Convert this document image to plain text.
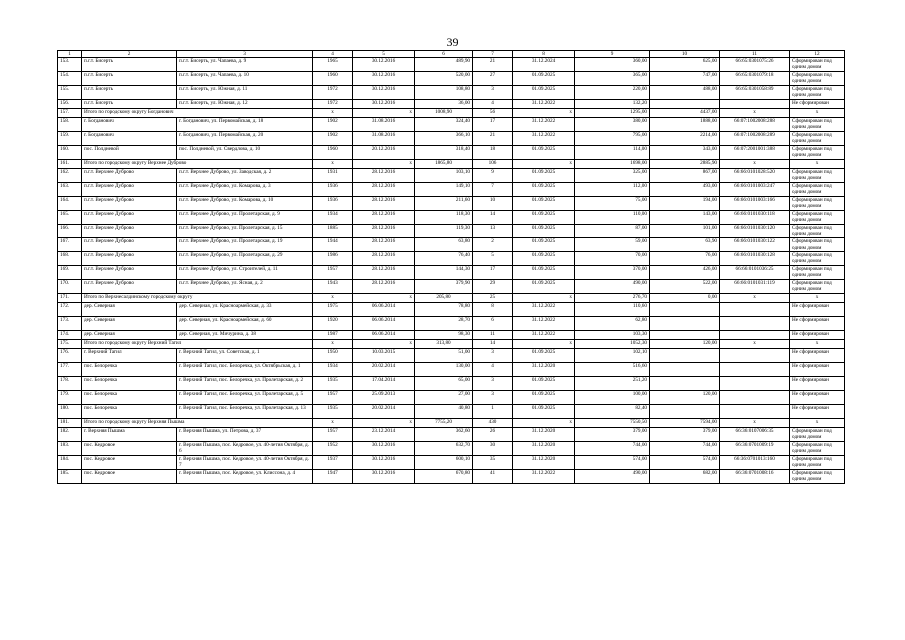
39
1	2	3	4	5	6	7	8	9	10	11	12
153.	п.г.т. Бисерть	п.г.т. Бисерть, ул. Чапаева, д. 9	1965	30.12.2016	489,90	21	31.12.2024	360,00	625,00	66:65:0301075:26	Сформирован под одним домом
154.	п.г.т. Бисерть	п.г.т. Бисерть, ул. Чапаева, д. 10	1960	30.12.2016	520,00	27	01.09.2025	365,00	747,00	66:65:0301079:18	Сформирован под одним домом
155.	п.г.т. Бисерть	п.г.т. Бисерть, ул. Южная, д. 11	1972	30.12.2016	108,80	3	01.09.2025	220,00	488,00	66:65:0301058:89	Сформирован под одним домом
156.	п.г.т. Бисерть	п.г.т. Бисерть, ул. Южная, д. 12	1972	30.12.2016	36,00	4	31.12.2022	132,20			Не сформирован
157.	Итого по городскому округу Богданович		х	х	1008,90	56	х	1295,00	4437,00	х	х
158.	г. Богданович	г. Богданович, ул. Первомайская, д. 18	1902	31.08.2016	324,40	17	31.12.2022	380,00	1888,00	66:07:1002008:288	Сформирован под одним домом
159.	г. Богданович	г. Богданович, ул. Первомайская, д. 20	1902	31.08.2016	366,10	21	31.12.2022	795,00	2214,00	66:07:1002008:289	Сформирован под одним домом
160.	пос. Полдневой	пос. Полдневой, ул. Свердлова, д. 10	1960	20.12.2016	318,40	18	01.09.2025	114,00	343,00	66:07:2001001:388	Сформирован под одним домом
161.	Итого по городскому округу Верхнее Дуброво		х	х	1865,80	106	х	1698,00	2885,90	х	х
162.	п.г.т. Верхнее Дуброво	п.г.т. Верхнее Дуброво, ул. Заводская, д. 2	1931	28.12.2016	103,10	9	01.09.2025	325,00	867,00	66:66:0101028:520	Сформирован под одним домом
163.	п.г.т. Верхнее Дуброво	п.г.т. Верхнее Дуброво, ул. Комарова, д. 3	1936	28.12.2016	149,10	7	01.09.2025	112,00	493,00	66:66:0101003:247	Сформирован под одним домом
164.	п.г.т. Верхнее Дуброво	п.г.т. Верхнее Дуброво, ул. Комарова, д. 10	1936	28.12.2016	211,60	10	01.09.2025	75,00	194,00	66:66:0101003:166	Сформирован под одним домом
165.	п.г.т. Верхнее Дуброво	п.г.т. Верхнее Дуброво, ул. Пролетарская, д. 9	1934	28.12.2016	118,30	14	01.09.2025	110,00	143,00	66:66:0101030:118	Сформирован под одним домом
166.	п.г.т. Верхнее Дуброво	п.г.т. Верхнее Дуброво, ул. Пролетарская, д. 15	1885	28.12.2016	119,30	13	01.09.2025	87,00	101,00	66:66:0101030:120	Сформирован под одним домом
167.	п.г.т. Верхнее Дуброво	п.г.т. Верхнее Дуброво, ул. Пролетарская, д. 19	1944	28.12.2016	63,80	2	01.09.2025	59,00	63,90	66:66:0101030:122	Сформирован под одним домом
168.	п.г.т. Верхнее Дуброво	п.г.т. Верхнее Дуброво, ул. Пролетарская, д. 29	1986	28.12.2016	76,40	5	01.09.2025	70,00	76,00	66:66:0101030:128	Сформирован под одним домом
169.	п.г.т. Верхнее Дуброво	п.г.т. Верхнее Дуброво, ул. Строителей, д. 11	1957	28.12.2016	144,30	17	01.09.2025	370,00	426,00	66:66:0101036:25	Сформирован под одним домом
170.	п.г.т. Верхнее Дуброво	п.г.т. Верхнее Дуброво, ул. Ясная, д. 2	1943	28.12.2016	379,90	29	01.09.2025	490,00	522,00	66:66:0101031:119	Сформирован под одним домом
171.	Итого по Верхнесалдинскому городскому округу		х	х	205,80	25	х	276,70	0,00	х	х
172.	дер. Северная	дер. Северная, ул. Красноармейская, д. 33	1975	06.06.2014	78,80	8	31.12.2022	110,60			Не сформирован
173.	дер. Северная	дер. Северная, ул. Красноармейская, д. 60	1920	06.06.2014	28,70	6	31.12.2022	62,80			Не сформирован
174.	дер. Северная	дер. Северная, ул. Мичурина, д. 38	1987	06.06.2014	98,30	11	31.12.2022	103,30			Не сформирован
175.	Итого по городскому округу Верхний Тагил		х	х	313,80	14	х	1052,30	120,00	х	х
176.	г. Верхний Тагил	г. Верхний Тагил, ул. Советская, д. 1	1950	10.03.2015	51,00	3	01.09.2025	102,10			Не сформирован
177.	пос. Белоречка	г. Верхний Тагил, пос. Белоречка, ул. Октябрьская, д. 1	1934	20.02.2014	130,00	4	31.12.2020	516,60			Не сформирован
178.	пос. Белоречка	г. Верхний Тагил, пос. Белоречка, ул. Пролетарская, д. 2	1935	17.04.2014	65,00	3	01.09.2025	251,20			Не сформирован
179.	пос. Белоречка	г. Верхний Тагил, пос. Белоречка, ул. Пролетарская, д. 5	1957	25.09.2013	27,00	3	01.09.2025	100,00	120,00		Не сформирован
180.	пос. Белоречка	г. Верхний Тагил, пос. Белоречка, ул. Пролетарская, д. 13	1935	20.02.2014	40,80	1	01.09.2025	82,40			Не сформирован
181.	Итого по городскому округу Верхняя Пышма		х	х	7755,20	430	х	7550,50	7594,00	х	х
182.	г. Верхняя Пышма	г. Верхняя Пышма, ул. Петрова, д. 37	1957	23.12.2014	362,60	26	31.12.2020	379,00	379,00	66:36:0107006:35	Сформирован под одним домом
183.	пос. Кедровое	г. Верхняя Пышма, пос. Кедровое, ул. 40-летия Октября, д. 6	1952	30.12.2016	632,70	30	31.12.2020	744,00	744,00	66:36:0701009:19	Сформирован под одним домом
184.	пос. Кедровое	г. Верхняя Пышма, пос. Кедровое, ул. 40-летия Октября, д. 7	1937	30.12.2016	600,10	35	31.12.2020	574,00	574,00	66:36:0701013:160	Сформирован под одним домом
185.	пос. Кедровое	г. Верхняя Пышма, пос. Кедровое, ул. Клиссона, д. 4	1947	30.12.2016	670,80	41	31.12.2022	490,00	682,00	66:36:0701008:16	Сформирован под одним домом
